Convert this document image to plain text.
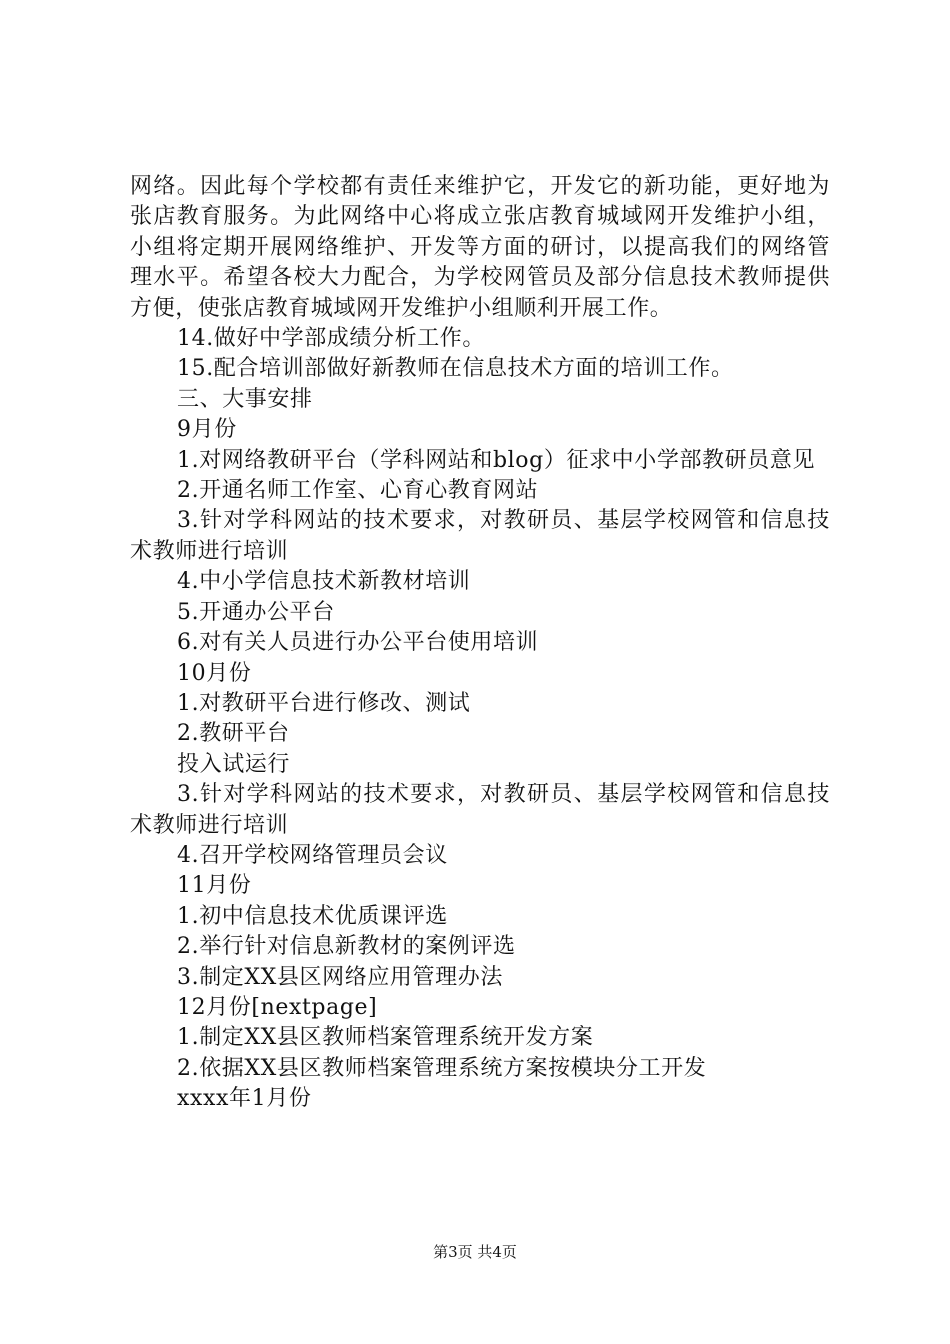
网络。因此每个学校都有责任来维护它，开发它的新功能，更好地为张店教育服务。为此网络中心将成立张店教育城域网开发维护小组，小组将定期开展网络维护、开发等方面的研讨，以提高我们的网络管理水平。希望各校大力配合，为学校网管员及部分信息技术教师提供方便，使张店教育城域网开发维护小组顺利开展工作。

14.做好中学部成绩分析工作。

15.配合培训部做好新教师在信息技术方面的培训工作。

三、大事安排

9月份

1.对网络教研平台（学科网站和blog）征求中小学部教研员意见

2.开通名师工作室、心育心教育网站

3.针对学科网站的技术要求，对教研员、基层学校网管和信息技术教师进行培训

4.中小学信息技术新教材培训

5.开通办公平台

6.对有关人员进行办公平台使用培训

10月份

1.对教研平台进行修改、测试

2.教研平台

投入试运行

3.针对学科网站的技术要求，对教研员、基层学校网管和信息技术教师进行培训

4.召开学校网络管理员会议

11月份

1.初中信息技术优质课评选

2.举行针对信息新教材的案例评选

3.制定XX县区网络应用管理办法

12月份[nextpage]

1.制定XX县区教师档案管理系统开发方案

2.依据XX县区教师档案管理系统方案按模块分工开发

xxxx年1月份

第3页 共4页
